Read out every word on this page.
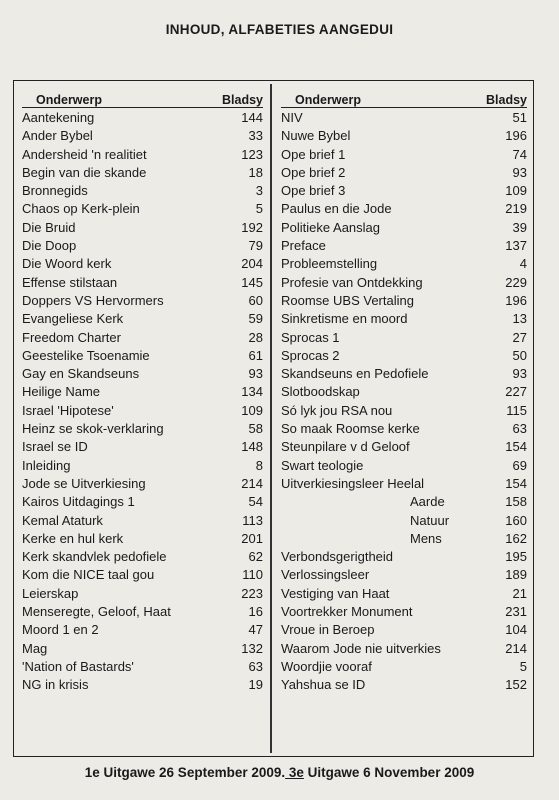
INHOUD, ALFABETIES AANGEDUI
Onderwerp	Bladsy
Aantekening	144
Ander Bybel	33
Andersheid 'n realitiet	123
Begin van die skande	18
Bronnegids	3
Chaos op Kerk-plein	5
Die Bruid	192
Die Doop	79
Die Woord kerk	204
Effense stilstaan	145
Doppers VS Hervormers	60
Evangeliese Kerk	59
Freedom Charter	28
Geestelike Tsoenamie	61
Gay en Skandseuns	93
Heilige Name	134
Israel 'Hipotese'	109
Heinz se skok-verklaring	58
Israel se ID	148
Inleiding	8
Jode se Uitverkiesing	214
Kairos Uitdagings 1	54
Kemal Ataturk	113
Kerke en hul kerk	201
Kerk skandvlek pedofiele	62
Kom die NICE taal gou	110
Leierskap	223
Menseregte, Geloof, Haat	16
Moord 1 en 2	47
Mag	132
'Nation of Bastards'	63
NG in krisis	19
Onderwerp	Bladsy
NIV	51
Nuwe Bybel	196
Ope brief 1	74
Ope brief 2	93
Ope brief 3	109
Paulus en die Jode	219
Politieke Aanslag	39
Preface	137
Probleemstelling	4
Profesie van Ontdekking	229
Roomse UBS Vertaling	196
Sinkretisme en moord	13
Sprocas 1	27
Sprocas 2	50
Skandseuns en Pedofiele	93
Slotboodskap	227
Só lyk jou RSA nou	115
So maak Roomse kerke	63
Steunpilare v d Geloof	154
Swart teologie	69
Uitverkiesingsleer Heelal	154
Aarde	158
Natuur	160
Mens	162
Verbondsgerigtheid	195
Verlossingsleer	189
Vestiging van Haat	21
Voortrekker Monument	231
Vroue in Beroep	104
Waarom Jode nie uitverkies	214
Woordjie vooraf	5
Yahshua se ID	152
1e Uitgawe 26 September 2009. 3e Uitgawe 6 November 2009
